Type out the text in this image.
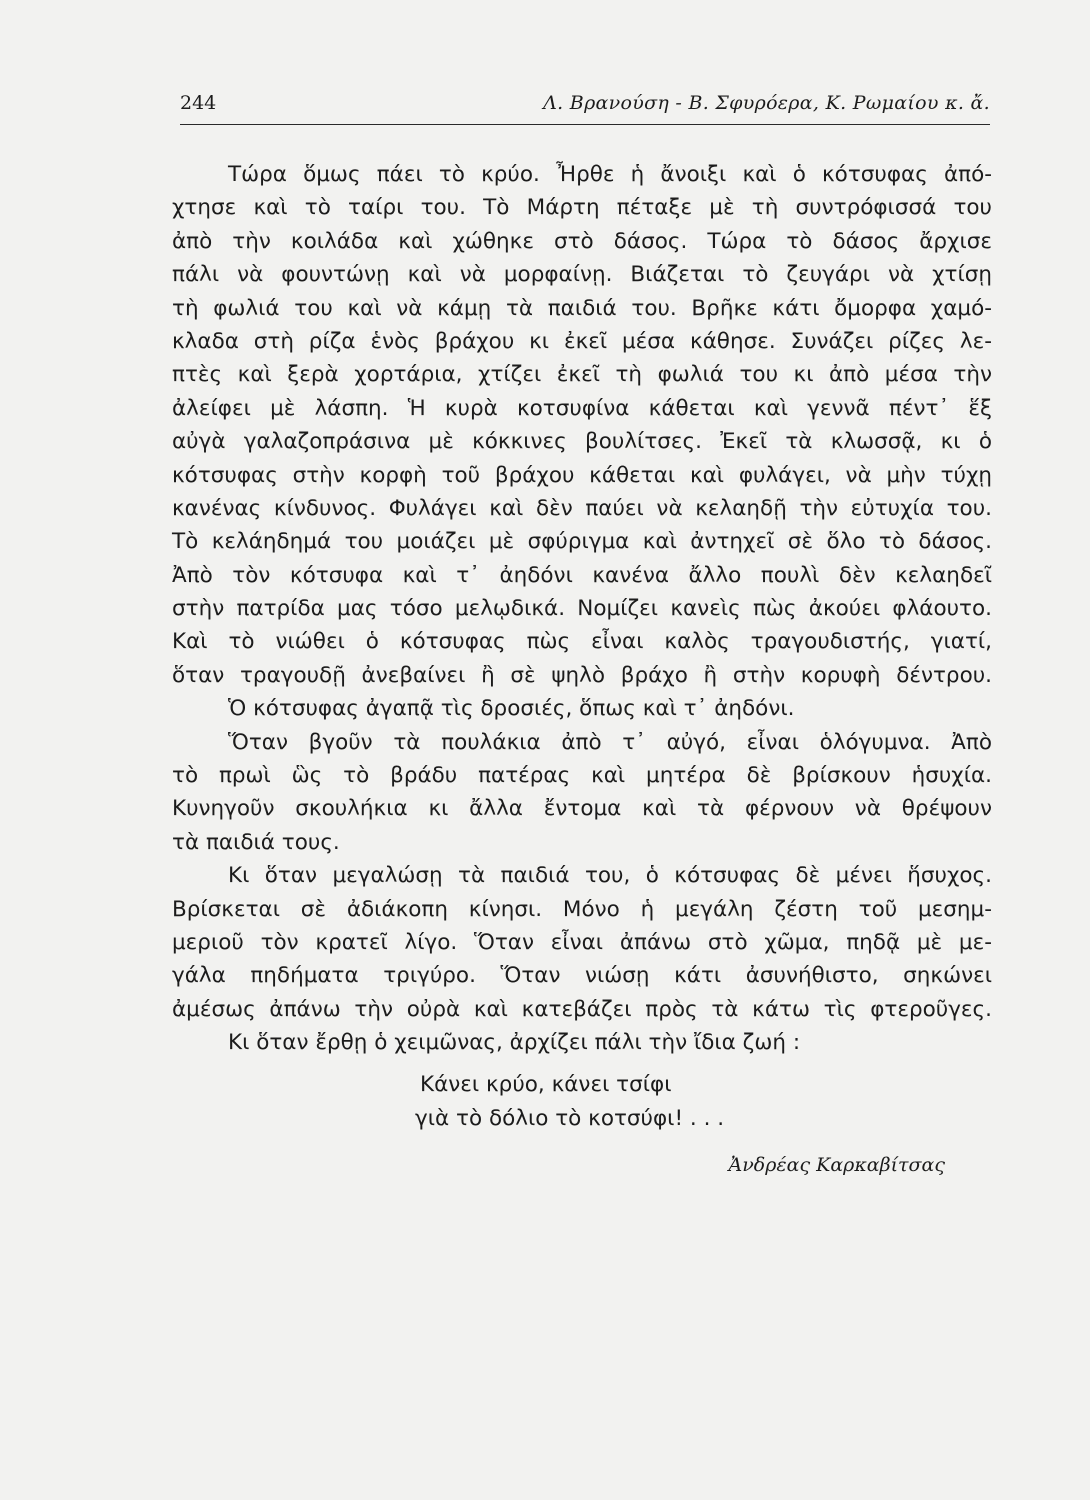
244	Λ. Βρανούση - Β. Σφυρόερα, Κ. Ρωμαίου κ. ἄ.
Τώρα ὅμως πάει τὸ κρύο. Ἦρθε ἡ ἄνοιξι καὶ ὁ κότσυφας ἀπό-
χτησε καὶ τὸ ταίρι του. Τὸ Μάρτη πέταξε μὲ τὴ συντρόφισσά του
ἀπὸ τὴν κοιλάδα καὶ χώθηκε στὸ δάσος. Τώρα τὸ δάσος ἄρχισε
πάλι νὰ φουντώνῃ καὶ νὰ μορφαίνῃ. Βιάζεται τὸ ζευγάρι νὰ χτίσῃ
τὴ φωλιά του καὶ νὰ κάμῃ τὰ παιδιά του. Βρῆκε κάτι ὄμορφα χαμό-
κλαδα στὴ ρίζα ἑνὸς βράχου κι ἐκεῖ μέσα κάθησε. Συνάζει ρίζες λε-
πτὲς καὶ ξερὰ χορτάρια, χτίζει ἐκεῖ τὴ φωλιά του κι ἀπὸ μέσα τὴν
ἀλείφει μὲ λάσπη. Ἡ κυρὰ κοτσυφίνα κάθεται καὶ γεννᾶ πέντ᾽ ἕξ
αὐγὰ γαλαζοπράσινα μὲ κόκκινες βουλίτσες. Ἐκεῖ τὰ κλωσσᾷ, κι ὁ
κότσυφας στὴν κορφὴ τοῦ βράχου κάθεται καὶ φυλάγει, νὰ μὴν τύχῃ
κανένας κίνδυνος. Φυλάγει καὶ δὲν παύει νὰ κελαηδῇ τὴν εὐτυχία του.
Τὸ κελάηδημά του μοιάζει μὲ σφύριγμα καὶ ἀντηχεῖ σὲ ὅλο τὸ δάσος.
Ἀπὸ τὸν κότσυφα καὶ τ᾽ ἀηδόνι κανένα ἄλλο πουλὶ δὲν κελαηδεῖ
στὴν πατρίδα μας τόσο μελῳδικά. Νομίζει κανεὶς πὼς ἀκούει φλάουτο.
Καὶ τὸ νιώθει ὁ κότσυφας πὼς εἶναι καλὸς τραγουδιστής, γιατί,
ὅταν τραγουδῇ ἀνεβαίνει ἢ σὲ ψηλὸ βράχο ἢ στὴν κορυφὴ δέντρου.
Ὁ κότσυφας ἀγαπᾷ τὶς δροσιές, ὅπως καὶ τ᾽ ἀηδόνι.
Ὅταν βγοῦν τὰ πουλάκια ἀπὸ τ᾽ αὐγό, εἶναι ὁλόγυμνα. Ἀπὸ
τὸ πρωὶ ὣς τὸ βράδυ πατέρας καὶ μητέρα δὲ βρίσκουν ἡσυχία.
Κυνηγοῦν σκουλήκια κι ἄλλα ἔντομα καὶ τὰ φέρνουν νὰ θρέψουν
τὰ παιδιά τους.
Κι ὅταν μεγαλώσῃ τὰ παιδιά του, ὁ κότσυφας δὲ μένει ἥσυχος.
Βρίσκεται σὲ ἀδιάκοπη κίνησι. Μόνο ἡ μεγάλη ζέστη τοῦ μεσημ-
μεριοῦ τὸν κρατεῖ λίγο. Ὅταν εἶναι ἀπάνω στὸ χῶμα, πηδᾷ μὲ με-
γάλα πηδήματα τριγύρο. Ὅταν νιώσῃ κάτι ἀσυνήθιστο, σηκώνει
ἀμέσως ἀπάνω τὴν οὐρὰ καὶ κατεβάζει πρὸς τὰ κάτω τὶς φτεροῦγες.
Κι ὅταν ἔρθῃ ὁ χειμῶνας, ἀρχίζει πάλι τὴν ἴδια ζωή :
Κάνει κρύο, κάνει τσίφι
γιὰ τὸ δόλιο τὸ κοτσύφι! . . .
Ἀνδρέας Καρκαβίτσας
